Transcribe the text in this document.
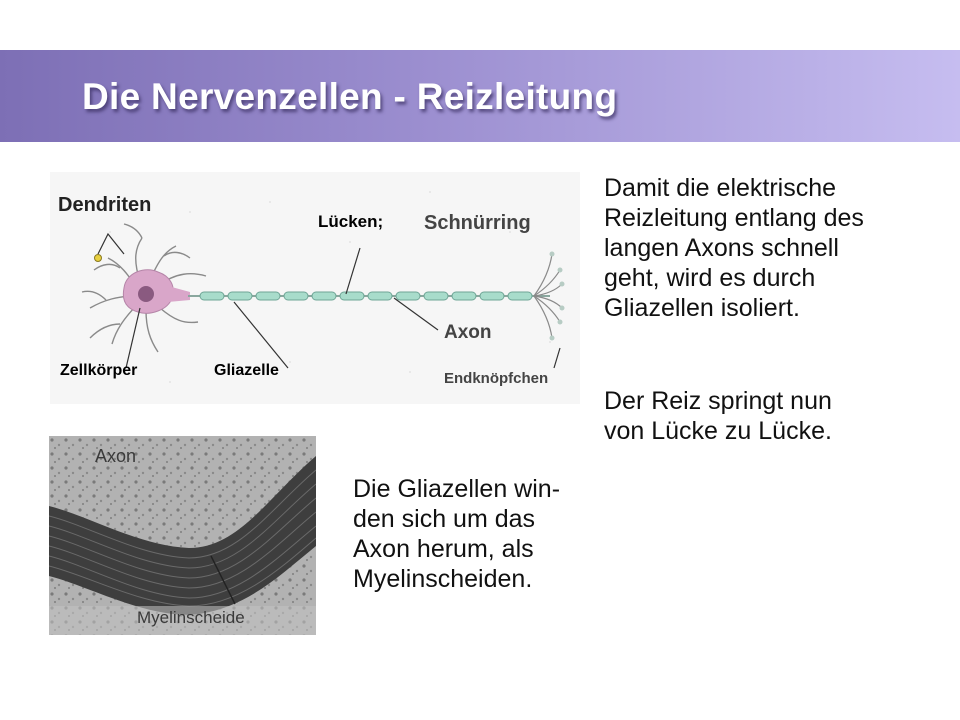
Die Nervenzellen - Reizleitung
Dendriten
Lücken; Schnürring
Axon
Zellkörper	Gliazelle	Endknöpfchen
Axon
Myelinscheide

Damit die elektrische
Reizleitung entlang des
langen Axons schnell
geht, wird es durch
Gliazellen isoliert.

Der Reiz springt nun
von Lücke zu Lücke.

Die Gliazellen win-
den sich um das
Axon herum, als
Myelinscheiden.
